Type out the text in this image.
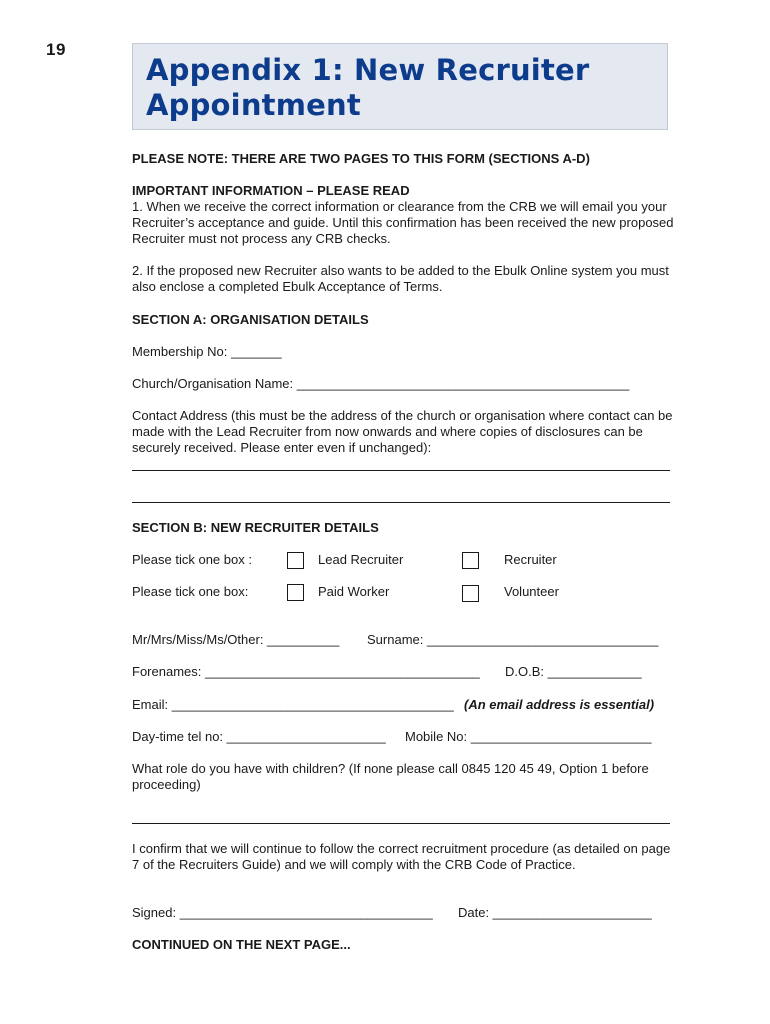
19
Appendix 1: New Recruiter
Appointment
PLEASE NOTE: THERE ARE TWO PAGES TO THIS FORM (SECTIONS A-D)
IMPORTANT INFORMATION – PLEASE READ
1. When we receive the correct information or clearance from the CRB we will email you your Recruiter’s acceptance and guide. Until this confirmation has been received the new proposed Recruiter must not process any CRB checks.
2. If the proposed new Recruiter also wants to be added to the Ebulk Online system you must also enclose a completed Ebulk Acceptance of Terms.
SECTION A: ORGANISATION DETAILS
Membership No: _______
Church/Organisation Name: ______________________________________________
Contact Address (this must be the address of the church or organisation where contact can be made with the Lead Recruiter from now onwards and where copies of disclosures can be securely received. Please enter even if unchanged):
SECTION B: NEW RECRUITER DETAILS
Please tick one box :	Lead Recruiter	Recruiter
Please tick one box:	Paid Worker	Volunteer
Mr/Mrs/Miss/Ms/Other: __________ Surname: ________________________________
Forenames: ______________________________________ D.O.B: _____________
Email: _______________________________________ (An email address is essential)
Day-time tel no: ______________________ Mobile No: _________________________
What role do you have with children? (If none please call 0845 120 45 49, Option 1 before proceeding)
I confirm that we will continue to follow the correct recruitment procedure (as detailed on page 7 of the Recruiters Guide) and we will comply with the CRB Code of Practice.
Signed: ___________________________________ Date: ______________________
CONTINUED ON THE NEXT PAGE...
